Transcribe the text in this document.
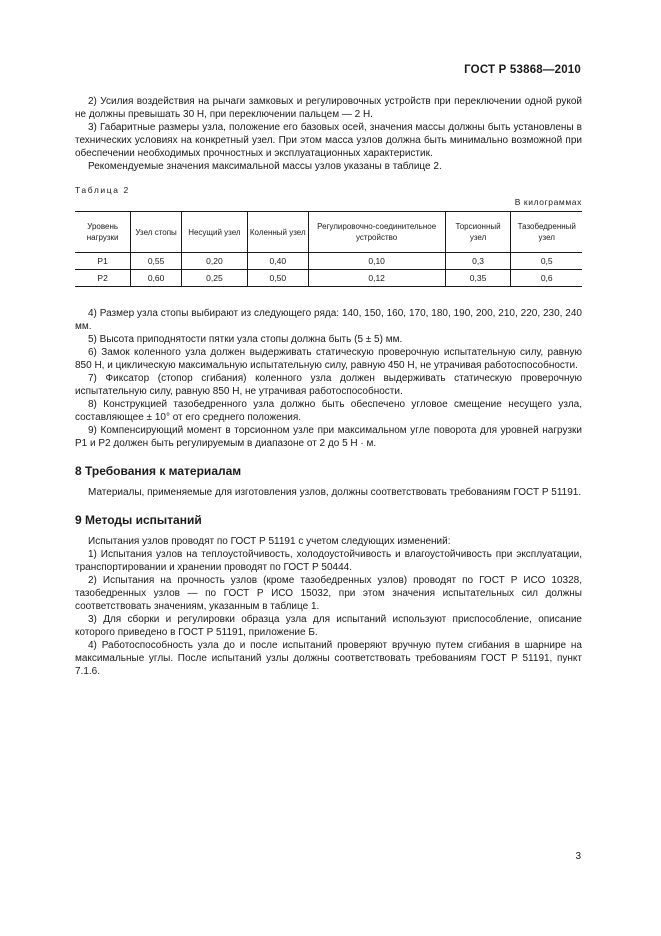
ГОСТ Р 53868—2010

2) Усилия воздействия на рычаги замковых и регулировочных устройств при переключении одной рукой не должны превышать 30 Н, при переключении пальцем — 2 Н.

3) Габаритные размеры узла, положение его базовых осей, значения массы должны быть установлены в технических условиях на конкретный узел. При этом масса узлов должна быть минимально возможной при обеспечении необходимых прочностных и эксплуатационных характеристик.

Рекомендуемые значения максимальной массы узлов указаны в таблице 2.

Таблица 2
В килограммах
Уровень нагрузки	Узел стопы	Несущий узел	Коленный узел	Регулировочно-соединительное устройство	Торсионный узел	Тазобедренный узел
Р1	0,55	0,20	0,40	0,10	0,3	0,5
Р2	0,60	0,25	0,50	0,12	0,35	0,6

4) Размер узла стопы выбирают из следующего ряда: 140, 150, 160, 170, 180, 190, 200, 210, 220, 230, 240 мм.

5) Высота приподнятости пятки узла стопы должна быть (5 ± 5) мм.

6) Замок коленного узла должен выдерживать статическую проверочную испытательную силу, равную 850 Н, и циклическую максимальную испытательную силу, равную 450 Н, не утрачивая работоспособности.

7) Фиксатор (стопор сгибания) коленного узла должен выдерживать статическую проверочную испытательную силу, равную 850 Н, не утрачивая работоспособности.

8) Конструкцией тазобедренного узла должно быть обеспечено угловое смещение несущего узла, составляющее ± 10° от его среднего положения.

9) Компенсирующий момент в торсионном узле при максимальном угле поворота для уровней нагрузки Р1 и Р2 должен быть регулируемым в диапазоне от 2 до 5 Н · м.

8 Требования к материалам

Материалы, применяемые для изготовления узлов, должны соответствовать требованиям ГОСТ Р 51191.

9 Методы испытаний

Испытания узлов проводят по ГОСТ Р 51191 с учетом следующих изменений:

1) Испытания узлов на теплоустойчивость, холодоустойчивость и влагоустойчивость при эксплуатации, транспортировании и хранении проводят по ГОСТ Р 50444.

2) Испытания на прочность узлов (кроме тазобедренных узлов) проводят по ГОСТ Р ИСО 10328, тазобедренных узлов — по ГОСТ Р ИСО 15032, при этом значения испытательных сил должны соответствовать значениям, указанным в таблице 1.

3) Для сборки и регулировки образца узла для испытаний используют приспособление, описание которого приведено в ГОСТ Р 51191, приложение Б.

4) Работоспособность узла до и после испытаний проверяют вручную путем сгибания в шарнире на максимальные углы. После испытаний узлы должны соответствовать требованиям ГОСТ Р 51191, пункт 7.1.6.

3
